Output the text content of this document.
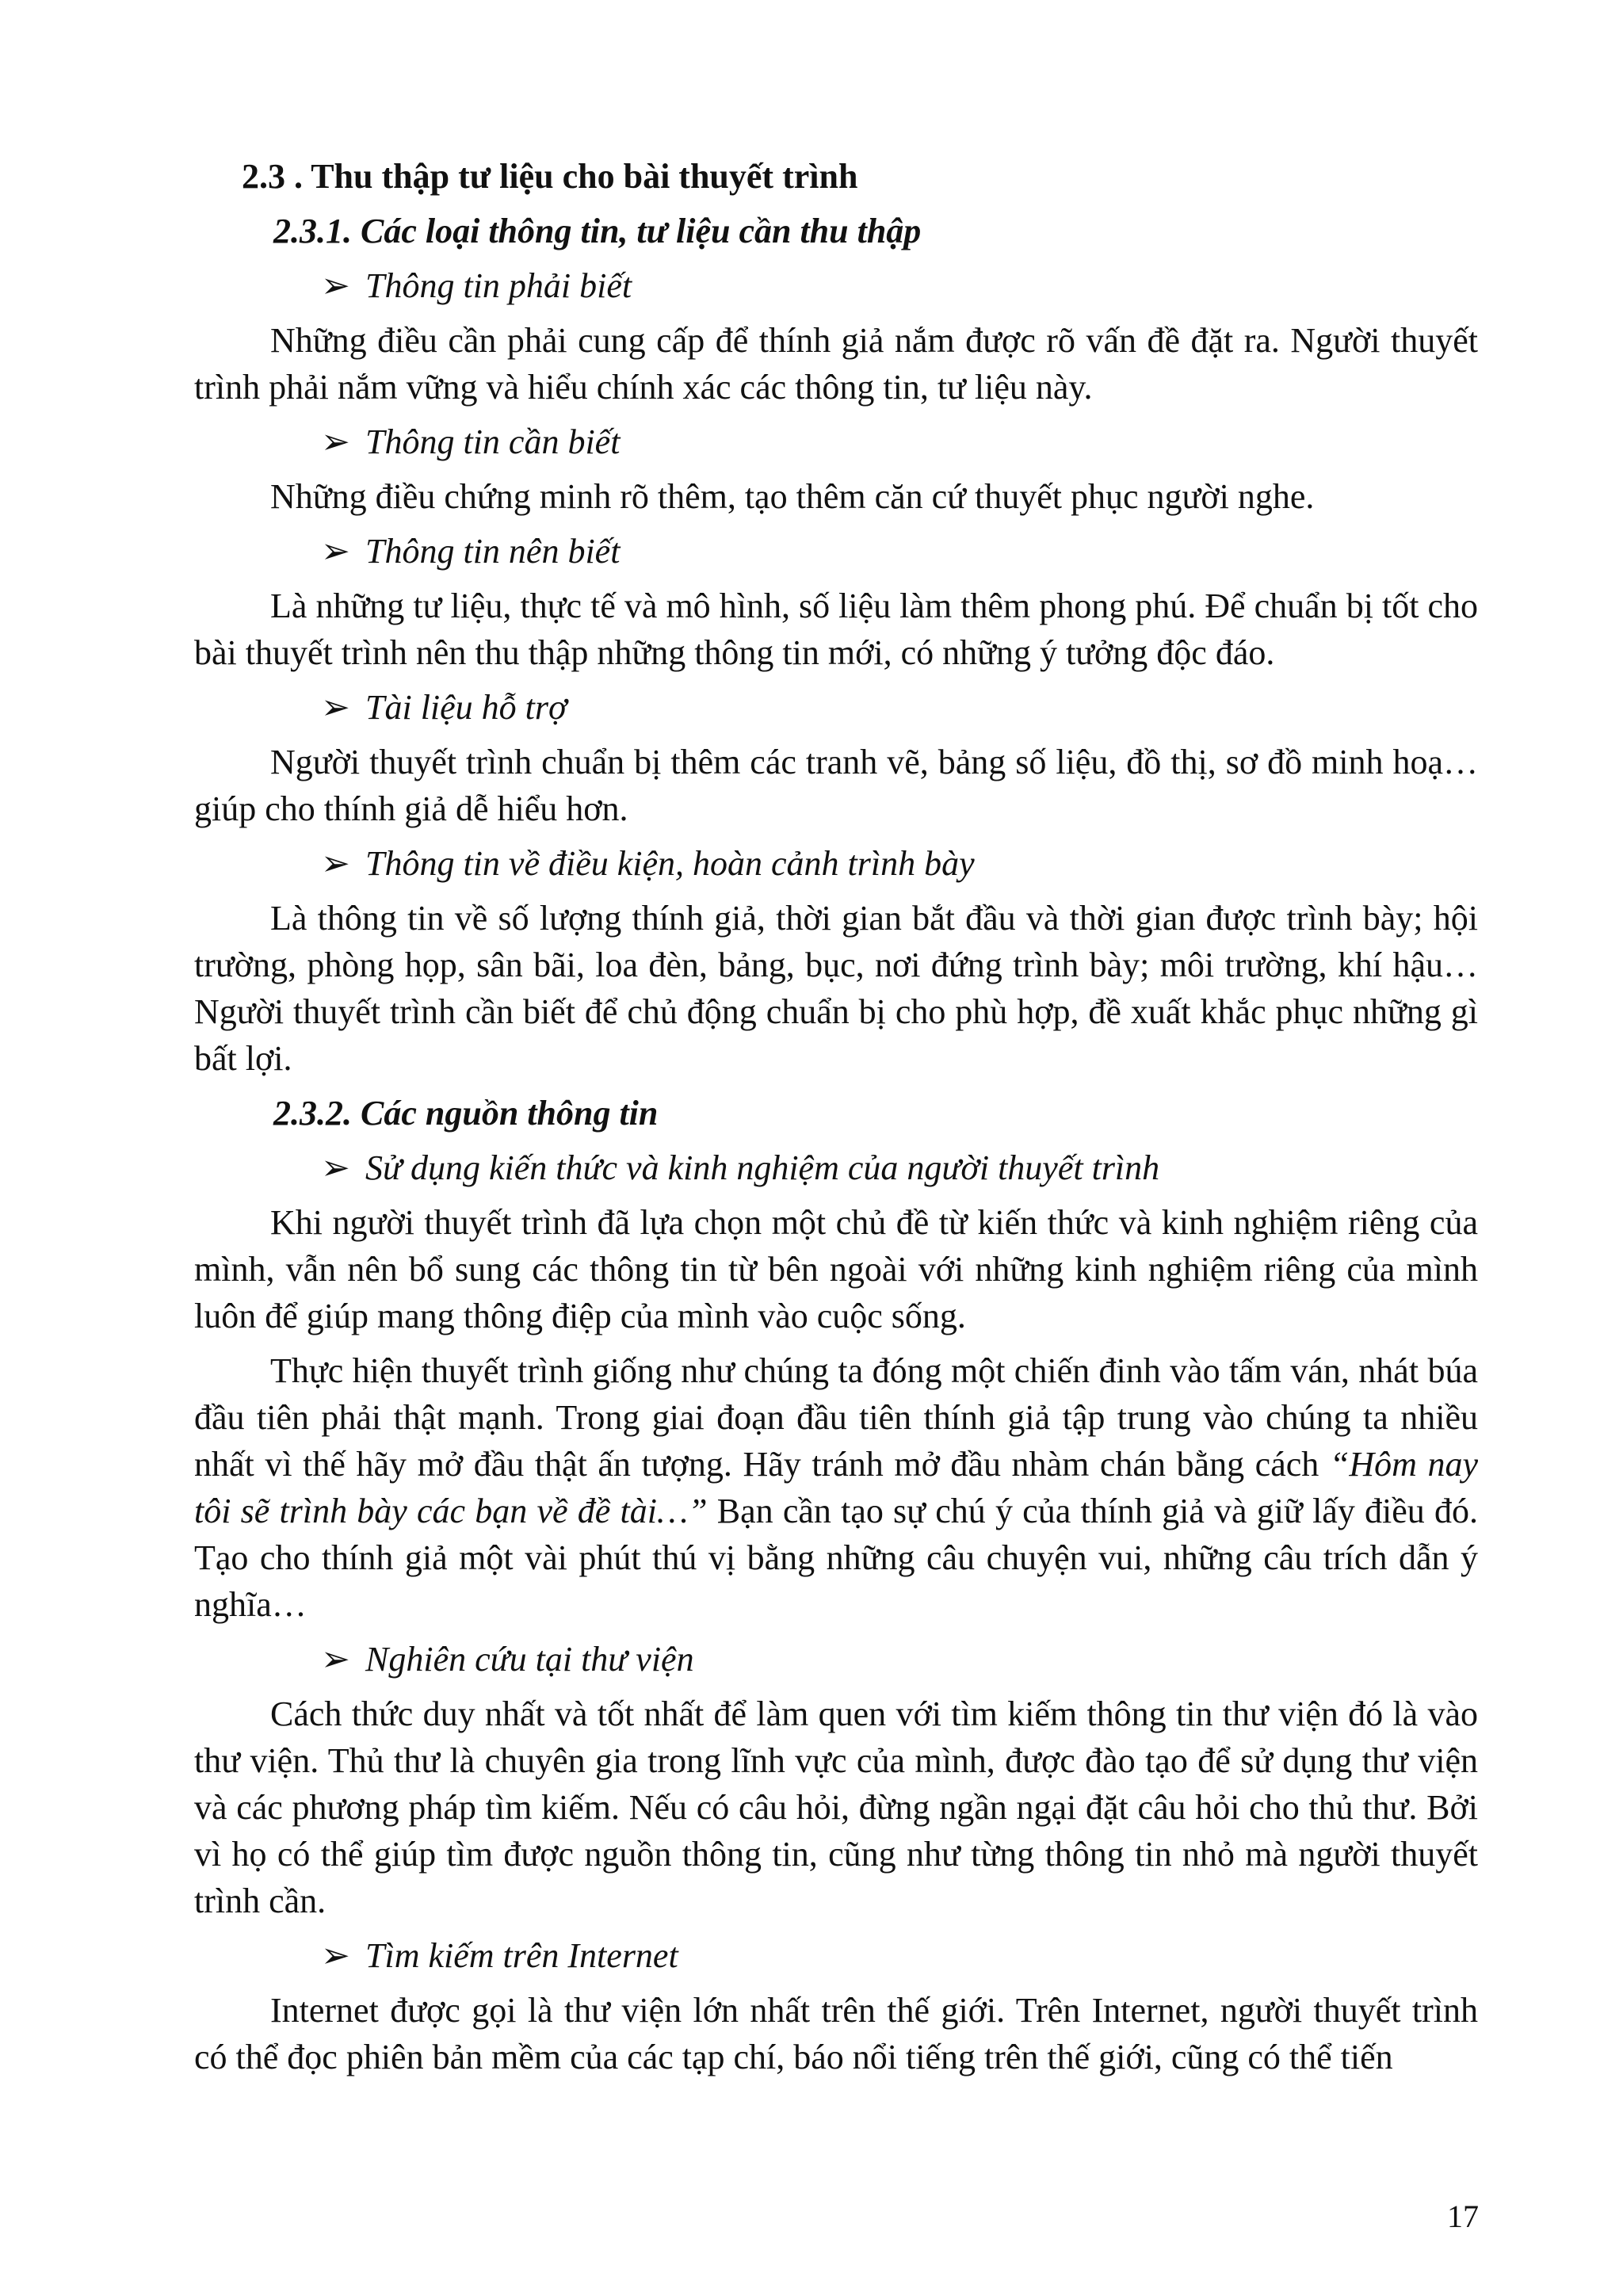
2.3 . Thu thập tư liệu cho bài thuyết trình
2.3.1. Các loại thông tin, tư liệu cần thu thập
➢ Thông tin phải biết
Những điều cần phải cung cấp để thính giả nắm được rõ vấn đề đặt ra. Người thuyết trình phải nắm vững và hiểu chính xác các thông tin, tư liệu này.
➢ Thông tin cần biết
Những điều chứng minh rõ thêm, tạo thêm căn cứ thuyết phục người nghe.
➢ Thông tin nên biết
Là những tư liệu, thực tế và mô hình, số liệu làm thêm phong phú. Để chuẩn bị tốt cho bài thuyết trình nên thu thập những thông tin mới, có những ý tưởng độc đáo.
➢ Tài liệu hỗ trợ
Người thuyết trình chuẩn bị thêm các tranh vẽ, bảng số liệu, đồ thị, sơ đồ minh hoạ… giúp cho thính giả dễ hiểu hơn.
➢ Thông tin về điều kiện, hoàn cảnh trình bày
Là thông tin về số lượng thính giả, thời gian bắt đầu và thời gian được trình bày; hội trường, phòng họp, sân bãi, loa đèn, bảng, bục, nơi đứng trình bày; môi trường, khí hậu… Người thuyết trình cần biết để chủ động chuẩn bị cho phù hợp, đề xuất khắc phục những gì bất lợi.
2.3.2. Các nguồn thông tin
➢ Sử dụng kiến thức và kinh nghiệm của người thuyết trình
Khi người thuyết trình đã lựa chọn một chủ đề từ kiến thức và kinh nghiệm riêng của mình, vẫn nên bổ sung các thông tin từ bên ngoài với những kinh nghiệm riêng của mình luôn để giúp mang thông điệp của mình vào cuộc sống.
Thực hiện thuyết trình giống như chúng ta đóng một chiến đinh vào tấm ván, nhát búa đầu tiên phải thật mạnh. Trong giai đoạn đầu tiên thính giả tập trung vào chúng ta nhiều nhất vì thế hãy mở đầu thật ấn tượng. Hãy tránh mở đầu nhàm chán bằng cách “Hôm nay tôi sẽ trình bày các bạn về đề tài…” Bạn cần tạo sự chú ý của thính giả và giữ lấy điều đó. Tạo cho thính giả một vài phút thú vị bằng những câu chuyện vui, những câu trích dẫn ý nghĩa…
➢ Nghiên cứu tại thư viện
Cách thức duy nhất và tốt nhất để làm quen với tìm kiếm thông tin thư viện đó là vào thư viện. Thủ thư là chuyên gia trong lĩnh vực của mình, được đào tạo để sử dụng thư viện và các phương pháp tìm kiếm. Nếu có câu hỏi, đừng ngần ngại đặt câu hỏi cho thủ thư. Bởi vì họ có thể giúp tìm được nguồn thông tin, cũng như từng thông tin nhỏ mà người thuyết trình cần.
➢ Tìm kiếm trên Internet
Internet được gọi là thư viện lớn nhất trên thế giới. Trên Internet, người thuyết trình có thể đọc phiên bản mềm của các tạp chí, báo nổi tiếng trên thế giới, cũng có thể tiến
17
